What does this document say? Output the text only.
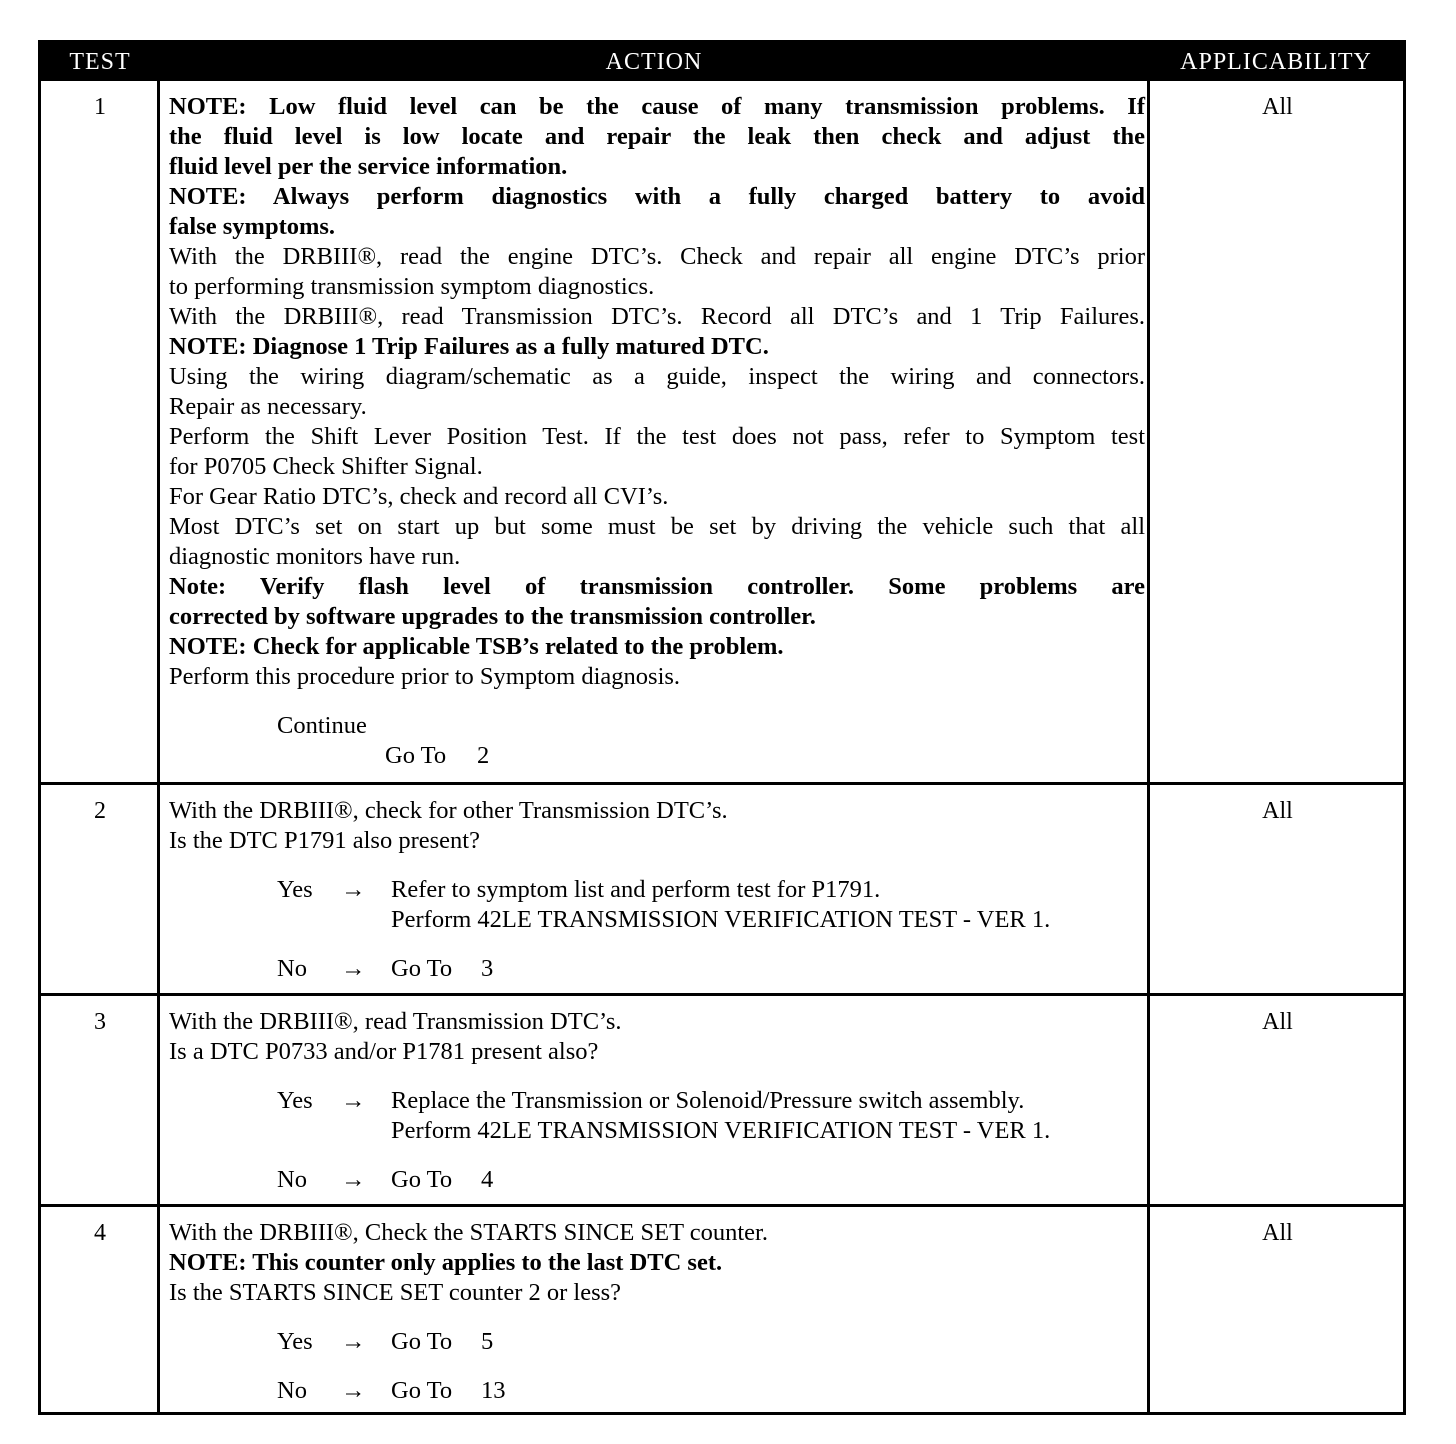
TEST	ACTION	APPLICABILITY
1	NOTE: Low fluid level can be the cause of many transmission problems. If
the fluid level is low locate and repair the leak then check and adjust the
fluid level per the service information.
NOTE: Always perform diagnostics with a fully charged battery to avoid
false symptoms.
With the DRBIII®, read the engine DTC’s. Check and repair all engine DTC’s prior
to performing transmission symptom diagnostics.
With the DRBIII®, read Transmission DTC’s. Record all DTC’s and 1 Trip Failures.
NOTE: Diagnose 1 Trip Failures as a fully matured DTC.
Using the wiring diagram/schematic as a guide, inspect the wiring and connectors.
Repair as necessary.
Perform the Shift Lever Position Test. If the test does not pass, refer to Symptom test
for P0705 Check Shifter Signal.
For Gear Ratio DTC’s, check and record all CVI’s.
Most DTC’s set on start up but some must be set by driving the vehicle such that all
diagnostic monitors have run.
Note: Verify flash level of transmission controller. Some problems are
corrected by software upgrades to the transmission controller.
NOTE: Check for applicable TSB’s related to the problem.
Perform this procedure prior to Symptom diagnosis.
Continue
Go To 2
All
2	With the DRBIII®, check for other Transmission DTC’s.
Is the DTC P1791 also present?
Yes → Refer to symptom list and perform test for P1791.
Perform 42LE TRANSMISSION VERIFICATION TEST - VER 1.
No → Go To 3
All
3	With the DRBIII®, read Transmission DTC’s.
Is a DTC P0733 and/or P1781 present also?
Yes → Replace the Transmission or Solenoid/Pressure switch assembly.
Perform 42LE TRANSMISSION VERIFICATION TEST - VER 1.
No → Go To 4
All
4	With the DRBIII®, Check the STARTS SINCE SET counter.
NOTE: This counter only applies to the last DTC set.
Is the STARTS SINCE SET counter 2 or less?
Yes → Go To 5
No → Go To 13
All
